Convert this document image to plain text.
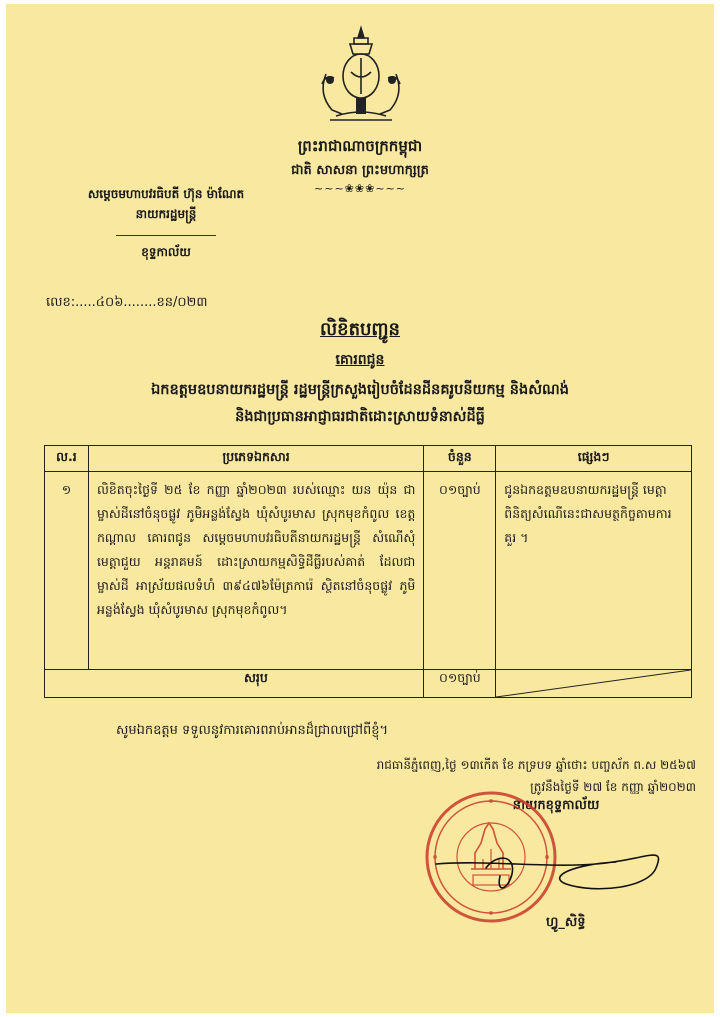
ព្រះរាជាណាចក្រកម្ពុជា
ជាតិ សាសនា ព្រះមហាក្សត្រ
~~~❀❀❀~~~
សម្តេចមហាបវរធិបតី ហ៊ុន ម៉ាណែត
នាយករដ្ឋមន្ត្រី
ខុទ្ទកាល័យ
លេខ:.....៤០៦........ខន/០២៣
លិខិតបញ្ជូន
គោរពជូន
ឯកឧត្តមឧបនាយករដ្ឋមន្ត្រី រដ្ឋមន្ត្រីក្រសួងរៀបចំដែនដីនគរូបនីយកម្ម និងសំណង់
និងជាប្រធានអាជ្ញាធរជាតិដោះស្រាយទំនាស់ដីធ្លី
ល.រ	ប្រភេទឯកសារ	ចំនួន	ផ្សេងៗ
១	លិខិតចុះថ្ងៃទី ២៥ ខែ កញ្ញា ឆ្នាំ២០២៣ របស់ឈ្មោះ យន យ៉ុន ជាម្ចាស់ដីនៅចំនុចផ្លូវ ភូមិអន្លង់ស្វែង ឃុំសំបូរមាស ស្រុកមុខកំពូល ខេត្តកណ្តាល គោរពជូន សម្តេចមហាបវរធិបតីនាយករដ្ឋមន្ត្រី សំណើសុំមេត្តាជួយ អន្តរាគមន៍ ដោះស្រាយកម្មសិទ្ធិដីធ្លីរបស់គាត់ ដែលជាម្ចាស់ដី អាស្រ័យផលទំហំ ៣៩៤៧៦ម៉ែត្រការ៉េ ស្ថិតនៅចំនុចផ្លូវ ភូមិអន្លង់ស្វែង ឃុំសំបូរមាស ស្រុកមុខកំពូល។	០១ច្បាប់	ជូនឯកឧត្តមឧបនាយករដ្ឋមន្ត្រី មេត្តាពិនិត្យសំណើនេះជាសមត្ថកិច្ចតាមការគួរ ។
	សរុប	០១ច្បាប់	
សូមឯកឧត្តម ទទួលនូវការគោរពរាប់អានដ៏ជ្រាលជ្រៅពីខ្ញុំ។
រាជធានីភ្នំពេញ,ថ្ងៃ ១៣កើត ខែ ភទ្របទ ឆ្នាំថោះ បញ្ចស័ក ព.ស ២៥៦៧
ត្រូវនឹងថ្ងៃទី ២៧ ខែ កញ្ញា ឆ្នាំ២០២៣
នាយកខុទ្ទកាល័យ
ហ្វូ_សិទ្ធិ
